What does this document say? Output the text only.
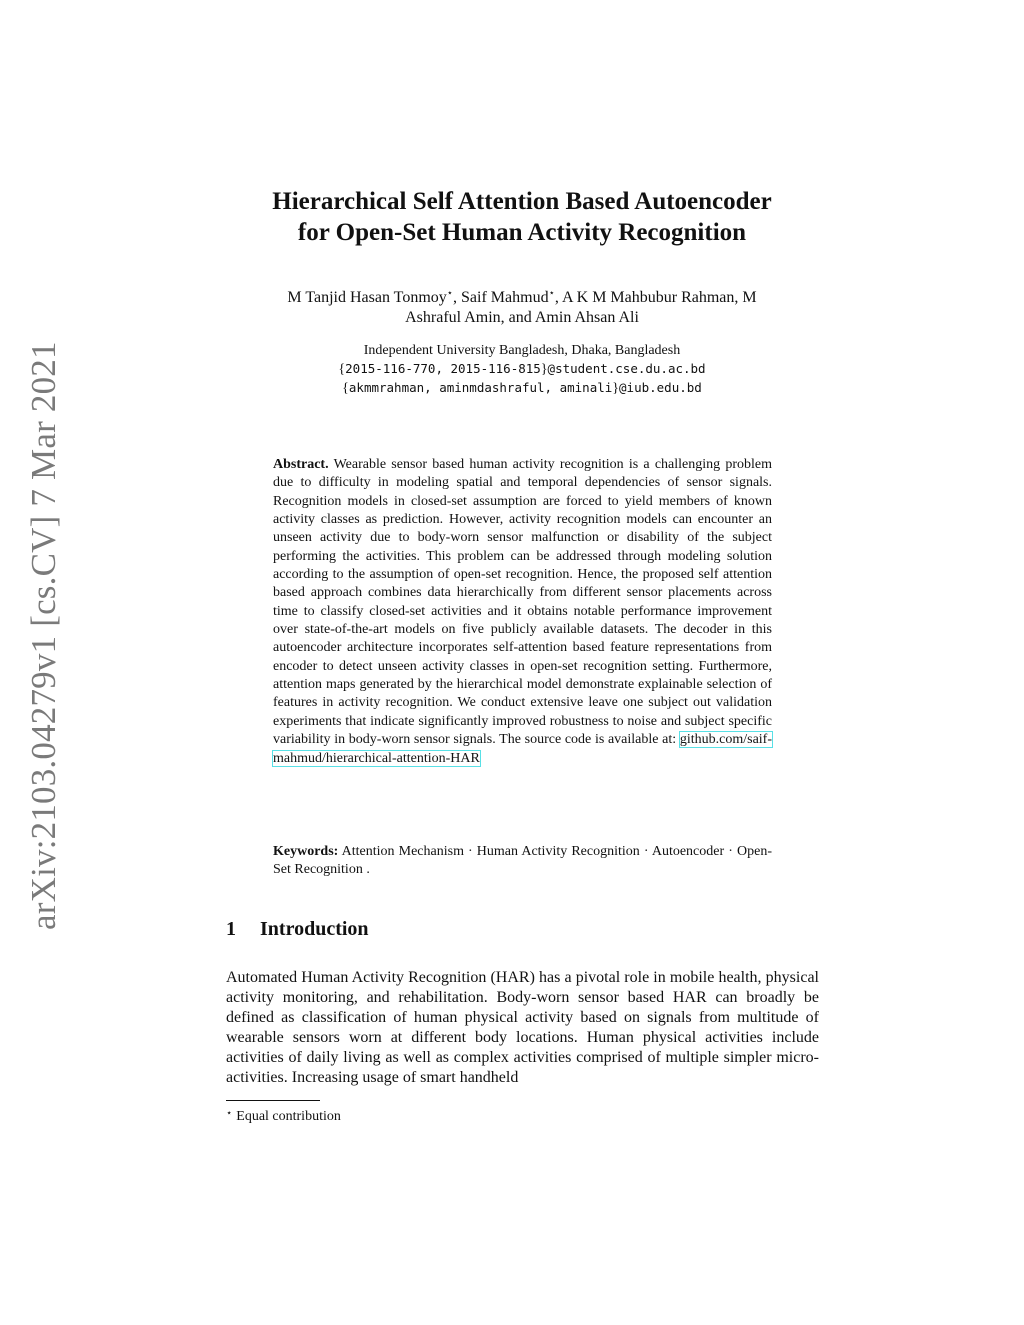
arXiv:2103.04279v1 [cs.CV] 7 Mar 2021
Hierarchical Self Attention Based Autoencoder
for Open-Set Human Activity Recognition
M Tanjid Hasan Tonmoy⋆, Saif Mahmud⋆, A K M Mahbubur Rahman, M
Ashraful Amin, and Amin Ahsan Ali
Independent University Bangladesh, Dhaka, Bangladesh
{2015-116-770, 2015-116-815}@student.cse.du.ac.bd
{akmmrahman, aminmdashraful, aminali}@iub.edu.bd
Abstract. Wearable sensor based human activity recognition is a challenging problem due to difficulty in modeling spatial and temporal dependencies of sensor signals. Recognition models in closed-set assumption are forced to yield members of known activity classes as prediction. However, activity recognition models can encounter an unseen activity due to body-worn sensor malfunction or disability of the subject performing the activities. This problem can be addressed through modeling solution according to the assumption of open-set recognition. Hence, the proposed self attention based approach combines data hierarchically from different sensor placements across time to classify closed-set activities and it obtains notable performance improvement over state-of-the-art models on five publicly available datasets. The decoder in this autoencoder architecture incorporates self-attention based feature representations from encoder to detect unseen activity classes in open-set recognition setting. Furthermore, attention maps generated by the hierarchical model demonstrate explainable selection of features in activity recognition. We conduct extensive leave one subject out validation experiments that indicate significantly improved robustness to noise and subject specific variability in body-worn sensor signals. The source code is available at: github.com/saif-mahmud/hierarchical-attention-HAR
Keywords: Attention Mechanism · Human Activity Recognition · Autoencoder · Open-Set Recognition .
1 Introduction
Automated Human Activity Recognition (HAR) has a pivotal role in mobile health, physical activity monitoring, and rehabilitation. Body-worn sensor based HAR can broadly be defined as classification of human physical activity based on signals from multitude of wearable sensors worn at different body locations. Human physical activities include activities of daily living as well as complex activities comprised of multiple simpler micro-activities. Increasing usage of smart handheld
⋆ Equal contribution
